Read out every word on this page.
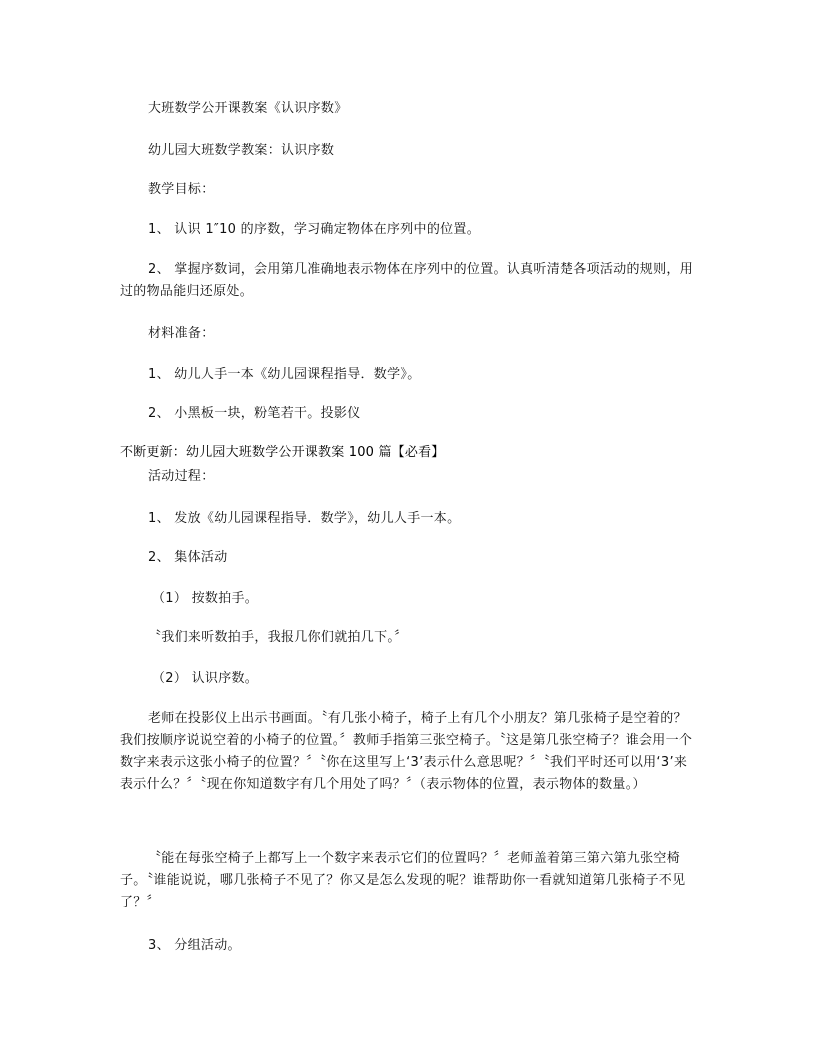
大班数学公开课教案《认识序数》

幼儿园大班数学教案：认识序数

教学目标：

1、 认识 1″10 的序数，学习确定物体在序列中的位置。

2、 掌握序数词，会用第几准确地表示物体在序列中的位置。认真听清楚各项活动的规则，用过的物品能归还原处。

材料准备：

1、 幼儿人手一本《幼儿园课程指导．数学》。

2、 小黑板一块，粉笔若干。投影仪

不断更新：幼儿园大班数学公开课教案 100 篇【必看】

活动过程：

1、 发放《幼儿园课程指导．数学》，幼儿人手一本。

2、 集体活动

（1） 按数拍手。

〝我们来听数拍手，我报几你们就拍几下。〞

（2） 认识序数。

老师在投影仪上出示书画面。〝有几张小椅子，椅子上有几个小朋友？第几张椅子是空着的？我们按顺序说说空着的小椅子的位置。〞教师手指第三张空椅子。〝这是第几张空椅子？谁会用一个数字来表示这张小椅子的位置？〞〝你在这里写上‘3’表示什么意思呢？〞〝我们平时还可以用‘3’来表示什么？〞〝现在你知道数字有几个用处了吗？〞（表示物体的位置，表示物体的数量。）

〝能在每张空椅子上都写上一个数字来表示它们的位置吗？〞老师盖着第三第六第九张空椅子。〝谁能说说，哪几张椅子不见了？你又是怎么发现的呢？谁帮助你一看就知道第几张椅子不见了？〞

3、 分组活动。
